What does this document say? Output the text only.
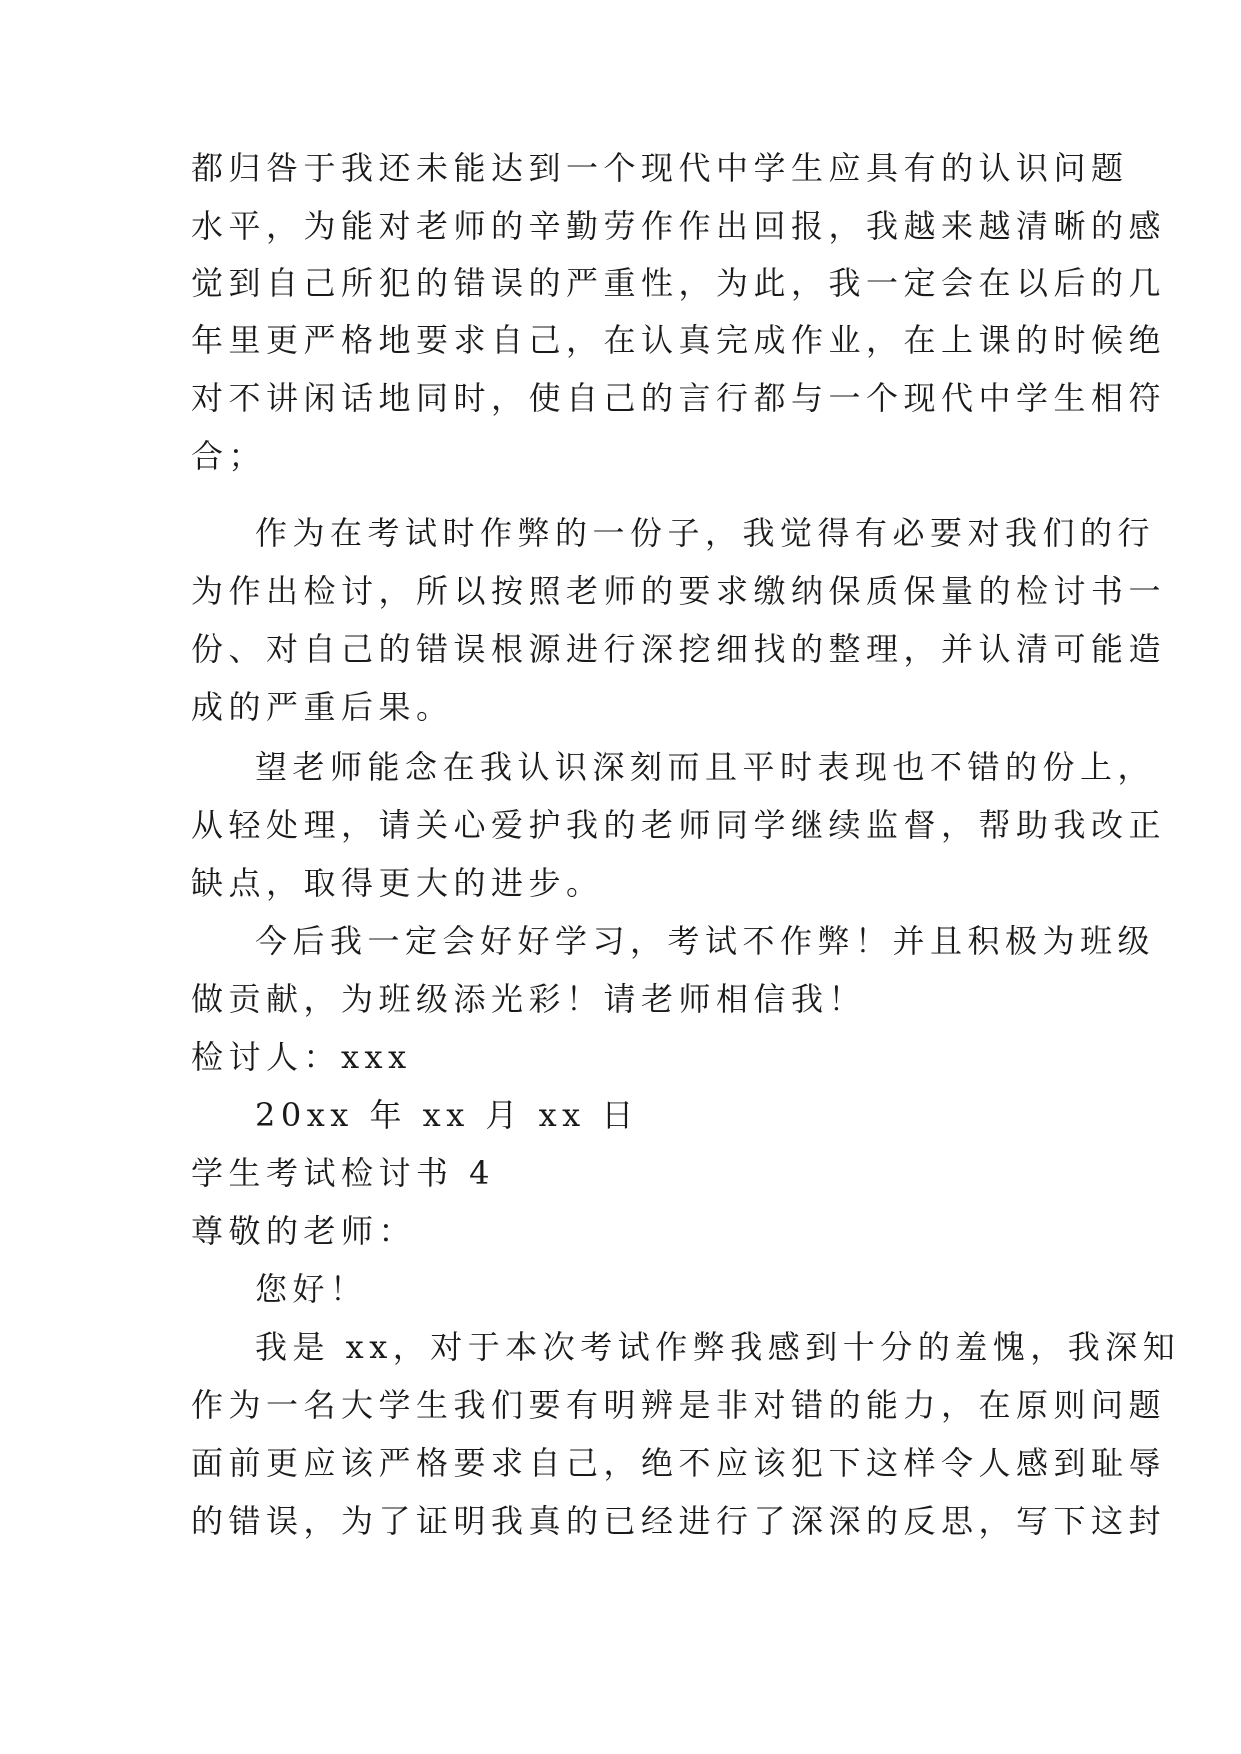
都归咎于我还未能达到一个现代中学生应具有的认识问题
水平，为能对老师的辛勤劳作作出回报，我越来越清晰的感
觉到自己所犯的错误的严重性，为此，我一定会在以后的几
年里更严格地要求自己，在认真完成作业，在上课的时候绝
对不讲闲话地同时，使自己的言行都与一个现代中学生相符
合；
作为在考试时作弊的一份子，我觉得有必要对我们的行
为作出检讨，所以按照老师的要求缴纳保质保量的检讨书一
份、对自己的错误根源进行深挖细找的整理，并认清可能造
成的严重后果。
望老师能念在我认识深刻而且平时表现也不错的份上，
从轻处理，请关心爱护我的老师同学继续监督，帮助我改正
缺点，取得更大的进步。
今后我一定会好好学习，考试不作弊！并且积极为班级
做贡献，为班级添光彩！请老师相信我！
检讨人：xxx
20xx 年 xx 月 xx 日
学生考试检讨书 4
尊敬的老师：
您好！
我是 xx，对于本次考试作弊我感到十分的羞愧，我深知
作为一名大学生我们要有明辨是非对错的能力，在原则问题
面前更应该严格要求自己，绝不应该犯下这样令人感到耻辱
的错误，为了证明我真的已经进行了深深的反思，写下这封
